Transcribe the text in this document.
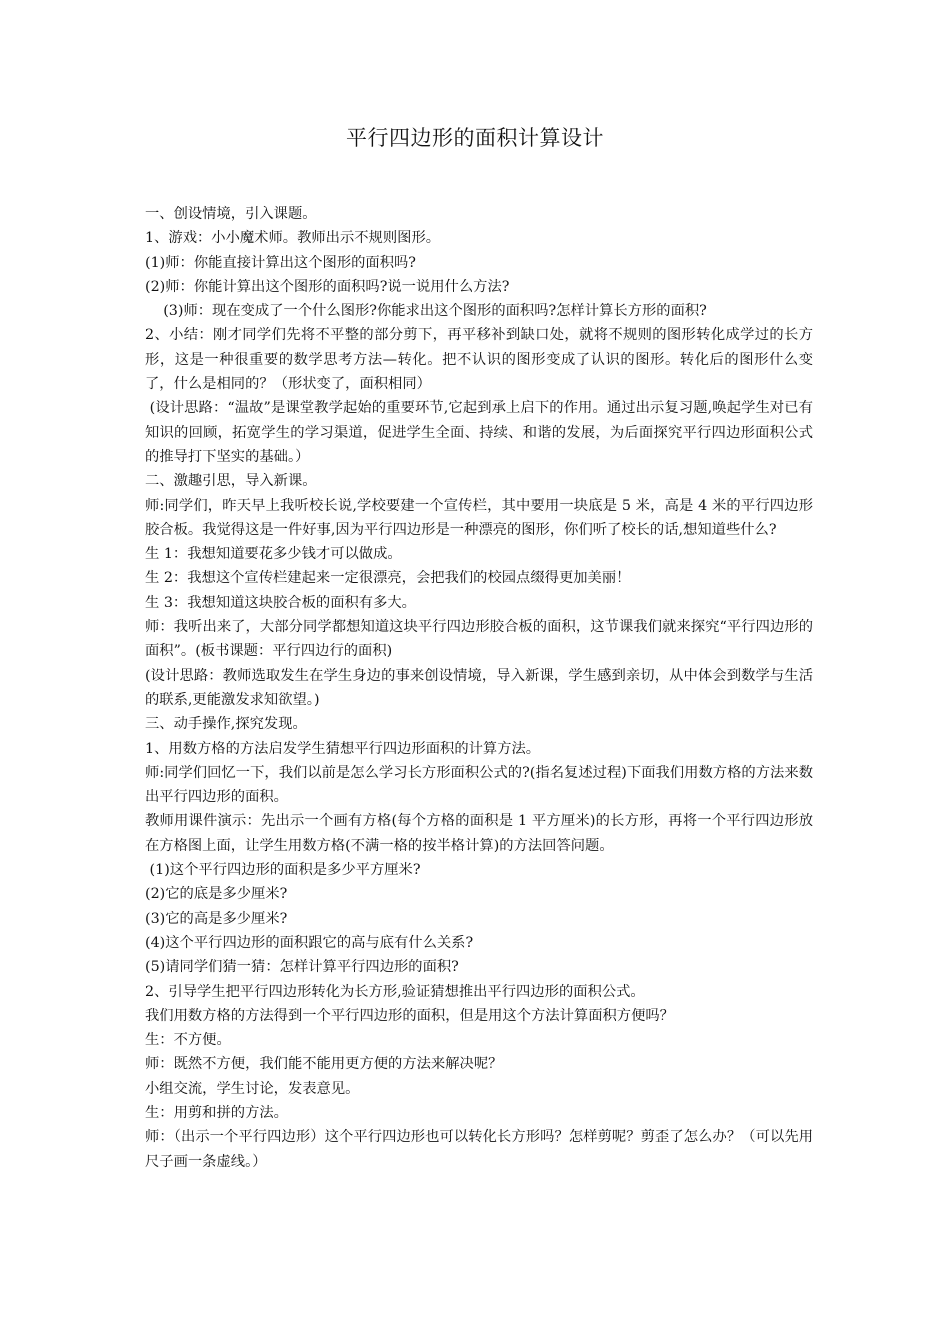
平行四边形的面积计算设计

一、创设情境，引入课题。

1、游戏：小小魔术师。教师出示不规则图形。

(1)师：你能直接计算出这个图形的面积吗?

(2)师：你能计算出这个图形的面积吗?说一说用什么方法?

(3)师：现在变成了一个什么图形?你能求出这个图形的面积吗?怎样计算长方形的面积?

2、小结：刚才同学们先将不平整的部分剪下，再平移补到缺口处，就将不规则的图形转化成学过的长方形，这是一种很重要的数学思考方法—转化。把不认识的图形变成了认识的图形。转化后的图形什么变了，什么是相同的？（形状变了，面积相同）

(设计思路：“温故”是课堂教学起始的重要环节,它起到承上启下的作用。通过出示复习题,唤起学生对已有知识的回顾，拓宽学生的学习渠道，促进学生全面、持续、和谐的发展，为后面探究平行四边形面积公式的推导打下坚实的基础。）

二、激趣引思，导入新课。

师:同学们，昨天早上我听校长说,学校要建一个宣传栏，其中要用一块底是 5 米，高是 4 米的平行四边形胶合板。我觉得这是一件好事,因为平行四边形是一种漂亮的图形，你们听了校长的话,想知道些什么?

生 1：我想知道要花多少钱才可以做成。

生 2：我想这个宣传栏建起来一定很漂亮，会把我们的校园点缀得更加美丽！

生 3：我想知道这块胶合板的面积有多大。

师：我听出来了，大部分同学都想知道这块平行四边形胶合板的面积，这节课我们就来探究“平行四边形的面积”。(板书课题：平行四边行的面积)

(设计思路：教师选取发生在学生身边的事来创设情境，导入新课，学生感到亲切，从中体会到数学与生活的联系,更能激发求知欲望。)

三、动手操作,探究发现。

1、用数方格的方法启发学生猜想平行四边形面积的计算方法。

师:同学们回忆一下，我们以前是怎么学习长方形面积公式的?(指名复述过程)下面我们用数方格的方法来数出平行四边形的面积。

教师用课件演示：先出示一个画有方格(每个方格的面积是 1 平方厘米)的长方形，再将一个平行四边形放在方格图上面，让学生用数方格(不满一格的按半格计算)的方法回答问题。

(1)这个平行四边形的面积是多少平方厘米?

(2)它的底是多少厘米?

(3)它的高是多少厘米?

(4)这个平行四边形的面积跟它的高与底有什么关系?

(5)请同学们猜一猜：怎样计算平行四边形的面积?

2、引导学生把平行四边形转化为长方形,验证猜想推出平行四边形的面积公式。

我们用数方格的方法得到一个平行四边形的面积，但是用这个方法计算面积方便吗？

生：不方便。

师：既然不方便，我们能不能用更方便的方法来解决呢？

小组交流，学生讨论，发表意见。

生：用剪和拼的方法。

师：（出示一个平行四边形）这个平行四边形也可以转化长方形吗？怎样剪呢？剪歪了怎么办？（可以先用尺子画一条虚线。）
